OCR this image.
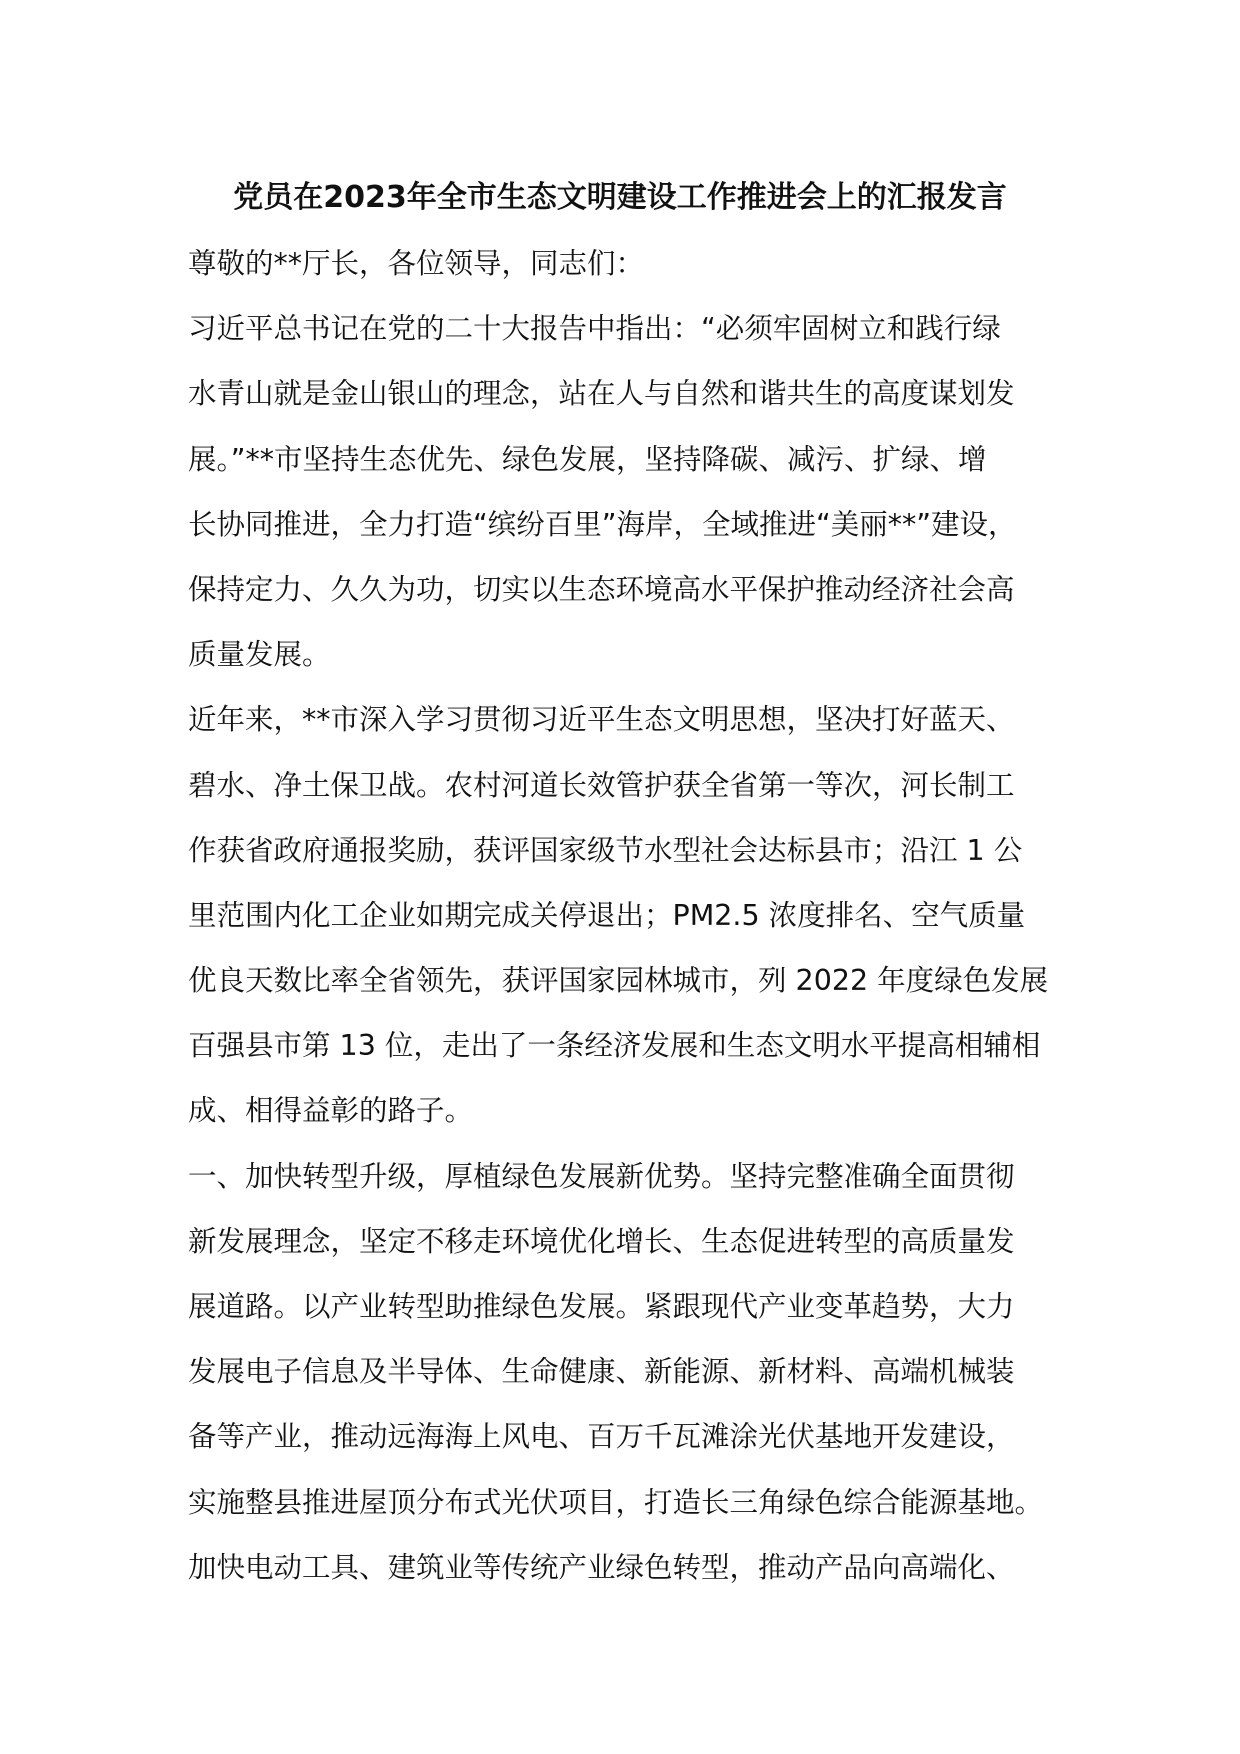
党员在2023年全市生态文明建设工作推进会上的汇报发言
尊敬的**厅长，各位领导，同志们：
习近平总书记在党的二十大报告中指出：“必须牢固树立和践行绿
水青山就是金山银山的理念，站在人与自然和谐共生的高度谋划发
展。”**市坚持生态优先、绿色发展，坚持降碳、减污、扩绿、增
长协同推进，全力打造“缤纷百里”海岸，全域推进“美丽**”建设，
保持定力、久久为功，切实以生态环境高水平保护推动经济社会高
质量发展。
近年来，**市深入学习贯彻习近平生态文明思想，坚决打好蓝天、
碧水、净土保卫战。农村河道长效管护获全省第一等次，河长制工
作获省政府通报奖励，获评国家级节水型社会达标县市；沿江 1 公
里范围内化工企业如期完成关停退出；PM2.5 浓度排名、空气质量
优良天数比率全省领先，获评国家园林城市，列 2022 年度绿色发展
百强县市第 13 位，走出了一条经济发展和生态文明水平提高相辅相
成、相得益彰的路子。
一、加快转型升级，厚植绿色发展新优势。坚持完整准确全面贯彻
新发展理念，坚定不移走环境优化增长、生态促进转型的高质量发
展道路。以产业转型助推绿色发展。紧跟现代产业变革趋势，大力
发展电子信息及半导体、生命健康、新能源、新材料、高端机械装
备等产业，推动远海海上风电、百万千瓦滩涂光伏基地开发建设，
实施整县推进屋顶分布式光伏项目，打造长三角绿色综合能源基地。
加快电动工具、建筑业等传统产业绿色转型，推动产品向高端化、
